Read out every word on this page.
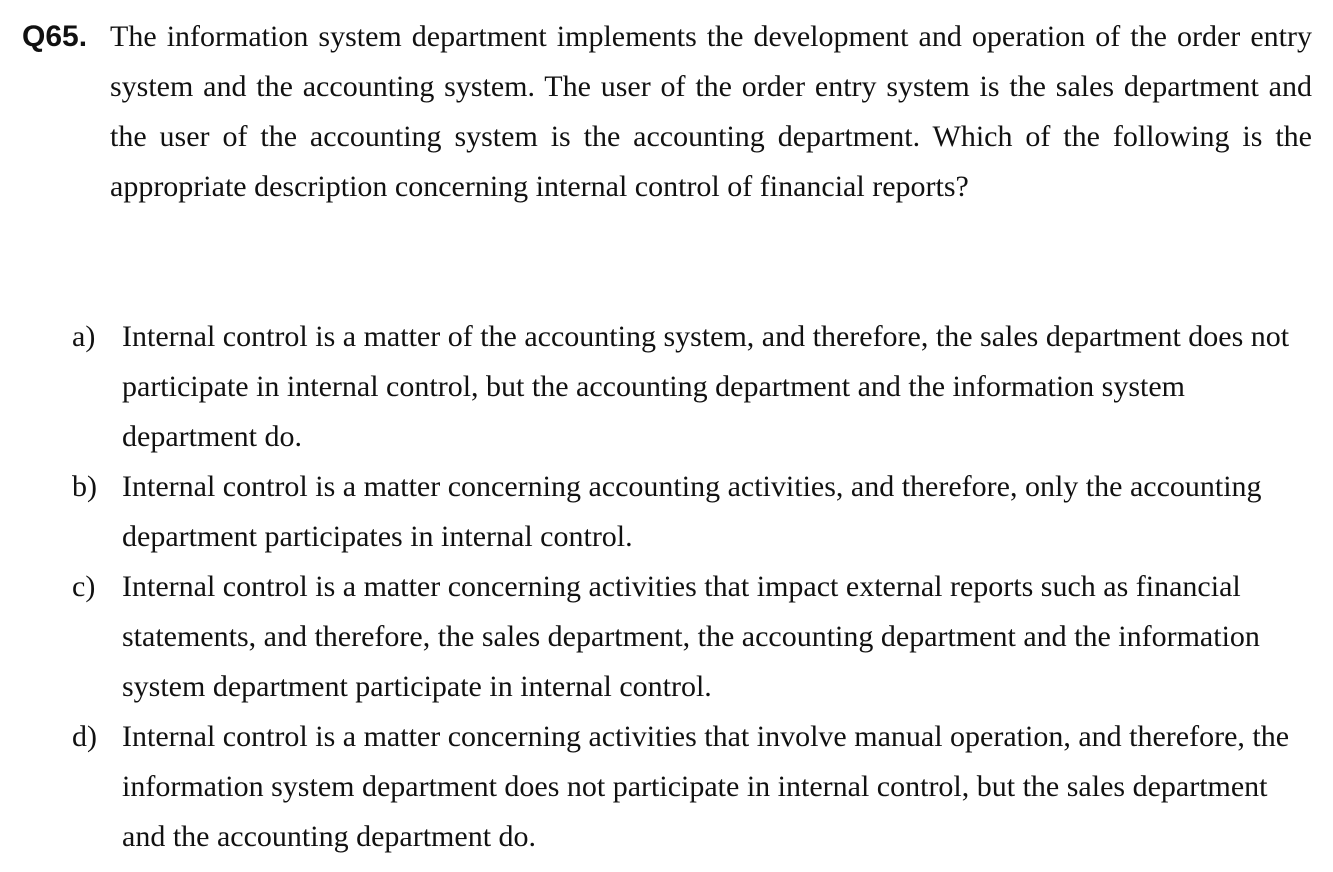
Q65. The information system department implements the development and operation of the order entry system and the accounting system. The user of the order entry system is the sales department and the user of the accounting system is the accounting department. Which of the following is the appropriate description concerning internal control of financial reports?
a) Internal control is a matter of the accounting system, and therefore, the sales department does not participate in internal control, but the accounting department and the information system department do.
b) Internal control is a matter concerning accounting activities, and therefore, only the accounting department participates in internal control.
c) Internal control is a matter concerning activities that impact external reports such as financial statements, and therefore, the sales department, the accounting department and the information system department participate in internal control.
d) Internal control is a matter concerning activities that involve manual operation, and therefore, the information system department does not participate in internal control, but the sales department and the accounting department do.
